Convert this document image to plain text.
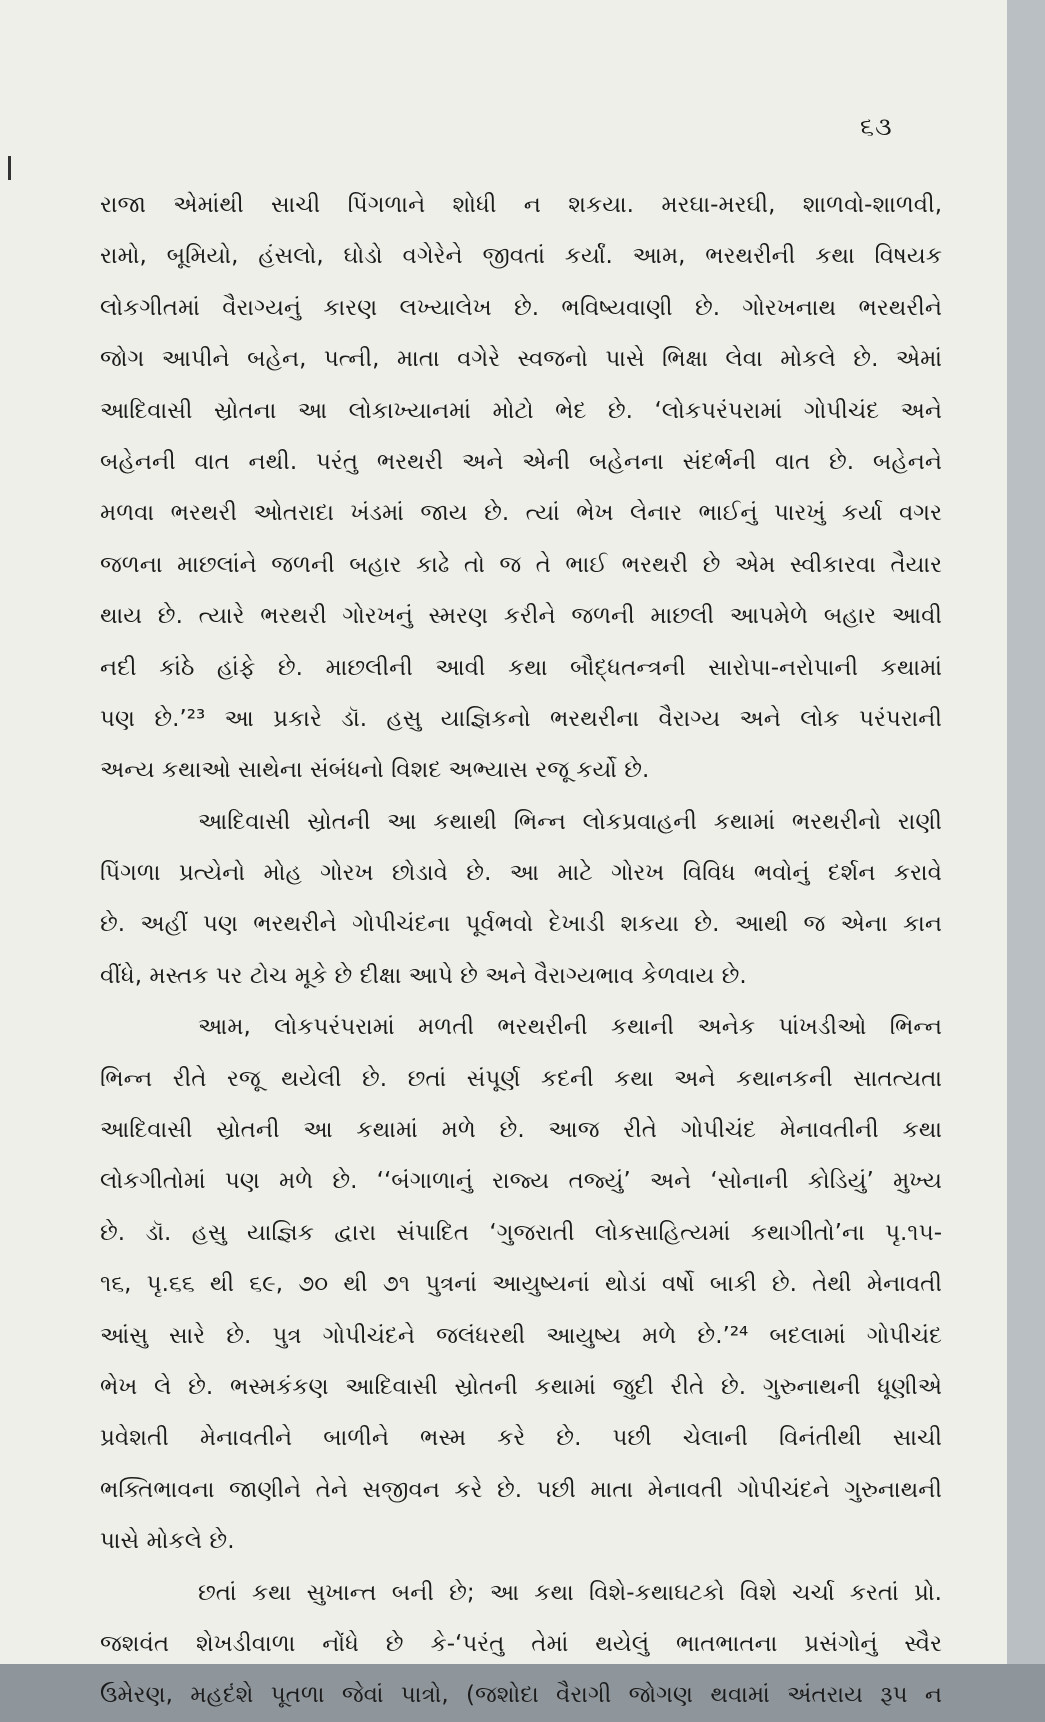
૬૩
રાજા એમાંથી સાચી પિંગળાને શોધી ન શકયા. મરઘા-મરઘી, શાળવો-શાળવી,
રામો, બૂમિયો, હંસલો, ઘોડો વગેરેને જીવતાં કર્યાં. આમ, ભરથરીની કથા વિષયક
લોકગીતમાં વૈરાગ્યનું કારણ લખ્યાલેખ છે. ભવિષ્યવાણી છે. ગોરખનાથ ભરથરીને
જોગ આપીને બહેન, પત્ની, માતા વગેરે સ્વજનો પાસે ભિક્ષા લેવા મોકલે છે. એમાં
આદિવાસી સ્રોતના આ લોકાખ્યાનમાં મોટો ભેદ છે. ‘લોકપરંપરામાં ગોપીચંદ અને
બહેનની વાત નથી. પરંતુ ભરથરી અને એની બહેનના સંદર્ભની વાત છે. બહેનને
મળવા ભરથરી ઓતરાદા ખંડમાં જાય છે. ત્યાં ભેખ લેનાર ભાઈનું પારખું કર્યા વગર
જળના માછલાંને જળની બહાર કાઢે તો જ તે ભાઈ ભરથરી છે એમ સ્વીકારવા તૈયાર
થાય છે. ત્યારે ભરથરી ગોરખનું સ્મરણ કરીને જળની માછલી આપમેળે બહાર આવી
નદી કાંઠે હાંફે છે. માછલીની આવી કથા બૌદ્ધતન્ત્રની સારોપા-નરોપાની કથામાં
પણ છે.’²³ આ પ્રકારે ડૉ. હસુ યાજ્ઞિકનો ભરથરીના વૈરાગ્ય અને લોક પરંપરાની
અન્ય કથાઓ સાથેના સંબંધનો વિશદ અભ્યાસ રજૂ કર્યો છે.
આદિવાસી સ્રોતની આ કથાથી ભિન્ન લોકપ્રવાહની કથામાં ભરથરીનો રાણી
પિંગળા પ્રત્યેનો મોહ ગોરખ છોડાવે છે. આ માટે ગોરખ વિવિધ ભવોનું દર્શન કરાવે
છે. અહીં પણ ભરથરીને ગોપીચંદના પૂર્વભવો દેખાડી શકયા છે. આથી જ એના કાન
વીંધે, મસ્તક પર ટોચ મૂકે છે દીક્ષા આપે છે અને વૈરાગ્યભાવ કેળવાય છે.
આમ, લોકપરંપરામાં મળતી ભરથરીની કથાની અનેક પાંખડીઓ ભિન્ન
ભિન્ન રીતે રજૂ થયેલી છે. છતાં સંપૂર્ણ કદની કથા અને કથાનકની સાતત્યતા
આદિવાસી સ્રોતની આ કથામાં મળે છે. આજ રીતે ગોપીચંદ મેનાવતીની કથા
લોકગીતોમાં પણ મળે છે. ‘‘બંગાળાનું રાજ્ય તજ્યું’ અને ‘સોનાની કોડિયું’ મુખ્ય
છે. ડૉ. હસુ યાજ્ઞિક દ્વારા સંપાદિત ‘ગુજરાતી લોકસાહિત્યમાં કથાગીતો’ના પૃ.૧૫-
૧૬, પૃ.૬૬ થી ૬૯, ૭૦ થી ૭૧ પુત્રનાં આયુષ્યનાં થોડાં વર્ષો બાકી છે. તેથી મેનાવતી
આંસુ સારે છે. પુત્ર ગોપીચંદને જલંધરથી આયુષ્ય મળે છે.’²⁴ બદલામાં ગોપીચંદ
ભેખ લે છે. ભસ્મકંકણ આદિવાસી સ્રોતની કથામાં જુદી રીતે છે. ગુરુનાથની ધૂણીએ
પ્રવેશતી મેનાવતીને બાળીને ભસ્મ કરે છે. પછી ચેલાની વિનંતીથી સાચી
ભક્તિભાવના જાણીને તેને સજીવન કરે છે. પછી માતા મેનાવતી ગોપીચંદને ગુરુનાથની
પાસે મોકલે છે.
છતાં કથા સુખાન્ત બની છે; આ કથા વિશે-કથાઘટકો વિશે ચર્ચા કરતાં પ્રો.
જશવંત શેખડીવાળા નોંધે છે કે-‘પરંતુ તેમાં થયેલું ભાતભાતના પ્રસંગોનું સ્વૈર
ઉમેરણ, મહદંશે પૂતળા જેવાં પાત્રો, (જશોદા વૈરાગી જોગણ થવામાં અંતરાય રૂપ ન
